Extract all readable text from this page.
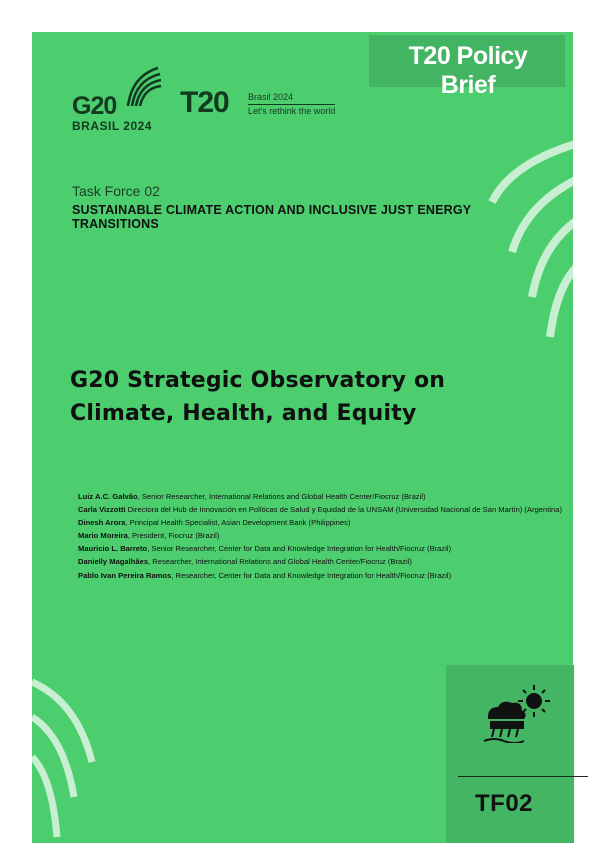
T20 Policy Brief
G20
BRASIL 2024
T20 Brasil 2024
Let's rethink the world
Task Force 02
SUSTAINABLE CLIMATE ACTION AND INCLUSIVE JUST ENERGY TRANSITIONS
G20 Strategic Observatory on Climate, Health, and Equity
Luiz A.C. Galvão, Senior Researcher, International Relations and Global Health Center/Fiocruz (Brazil)
Carla Vizzotti Directora del Hub de Innovación en Políticas de Salud y Equidad de la UNSAM (Universidad Nacional de San Martín) (Argentina)
Dinesh Arora, Principal Health Specialist, Asian Development Bank (Philippines)
Mario Moreira, President, Fiocruz (Brazil)
Mauricio L. Barreto, Senior Researcher, Center for Data and Knowledge Integration for Health/Fiocruz (Brazil)
Danielly Magalhães, Researcher, International Relations and Global Health Center/Fiocruz (Brazil)
Pablo Ivan Pereira Ramos, Researcher, Center for Data and Knowledge Integration for Health/Fiocruz (Brazil)
TF02
